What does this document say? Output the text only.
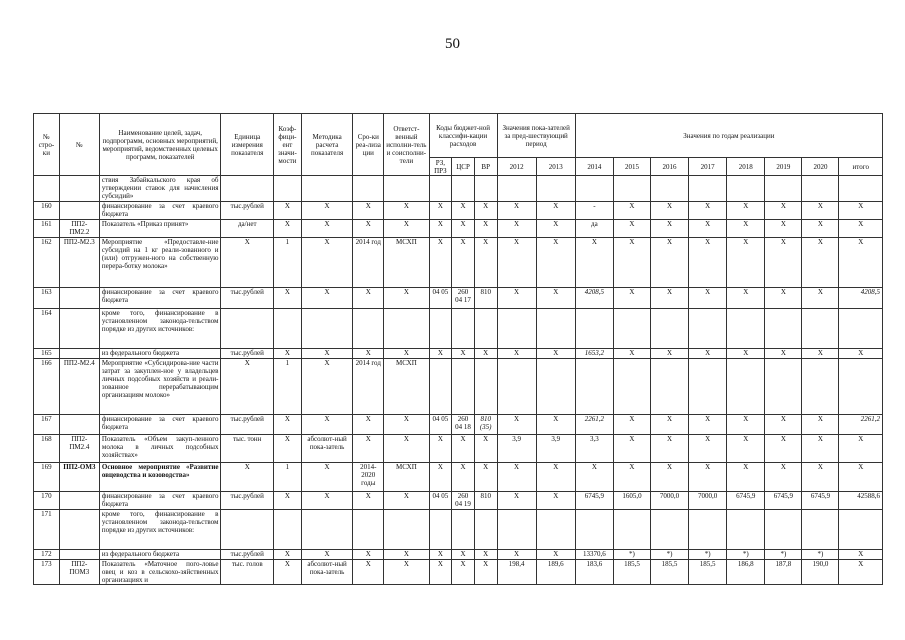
50
№ стро-ки	№	Наименование целей, задач, подпрограмм, основных мероприятий, мероприятий, ведомственных целевых программ, показателей	Единица измерения показателя	Коэф-фици-ент значи-мости	Методика расчета показателя	Сро-ки реа-лиза ции	Ответст-венный исполни-тель и соисполни-тели	Коды бюджет-ной классифи-кации расходов			Значения пока-зателей за пред-шествующий период		Значения по годам реализации							
								РЗ, ПРЗ	ЦСР	ВР	2012	2013	2014	2015	2016	2017	2018	2019	2020	итого
		ствия Забайкальского края об утверждении ставок для начисления субсидий»																		
160		финансирование за счет краевого бюджета	тыс.рублей	X	X	X	X	X	X	X	X	X	-	X	X	X	X	X	X	X
161	ПП2-ПМ2.2	Показатель «Приказ принят»	да/нет	X	X	X	X	X	X	X	X	X	да	X	X	X	X	X	X	X
162	ПП2-М2.3	Мероприятие «Предоставле-ние субсидий на 1 кг реали-зованного и (или) отгружен-ного на собственную перера-ботку молока»	X	1	X	2014 год	МСХП	X	X	X	X	X	X	X	X	X	X	X	X	X
163		финансирование за счет краевого бюджета	тыс.рублей	X	X	X	X	04 05	260 04 17	810	X	X	4208,5	X	X	X	X	X	X	4208,5
164		кроме того, финансирование в установленном законода-тельством порядке из других источников:																		
165		из федерального бюджета	тыс.рублей	X	X	X	X	X	X	X	X	X	1653,2	X	X	X	X	X	X	X
166	ПП2-М2.4	Мероприятие «Субсидирова-ние части затрат за закуплен-ное у владельцев личных подсобных хозяйств и реали-зованное перерабатывающим организациям молоко»	X	1	X	2014 год	МСХП													
167		финансирование за счет краевого бюджета	тыс.рублей	X	X	X	X	04 05	260 04 18	810 (35)	X	X	2261,2	X	X	X	X	X	X	2261,2
168	ПП2-ПМ2.4	Показатель «Объем закуп-ленного молока в личных подсобных хозяйствах»	тыс. тонн	X	абсолют-ный пока-затель	X	X	X	X	X	3,9	3,9	3,3	X	X	X	X	X	X	X
169	ПП2-ОМ3	Основное мероприятие «Развитие овцеводства и козоводства»	X	1	X	2014-2020 годы	МСХП	X	X	X	X	X	X	X	X	X	X	X	X	X
170		финансирование за счет краевого бюджета	тыс.рублей	X	X	X	X	04 05	260 04 19	810	X	X	6745,9	1605,0	7000,0	7000,0	6745,9	6745,9	6745,9	42588,6
171		кроме того, финансирование в установленном законода-тельством порядке из других источников:																		
172		из федерального бюджета	тыс.рублей	X	X	X	X	X	X	X	X	X	13370,6	*)	*)	*)	*)	*)	*)	X
173	ПП2-ПОМ3	Показатель «Маточное пого-ловье овец и коз в сельскохо-зяйственных организациях и	тыс. голов	X	абсолют-ный пока-затель	X	X	X	X	X	198,4	189,6	183,6	185,5	185,5	185,5	186,8	187,8	190,0	X
